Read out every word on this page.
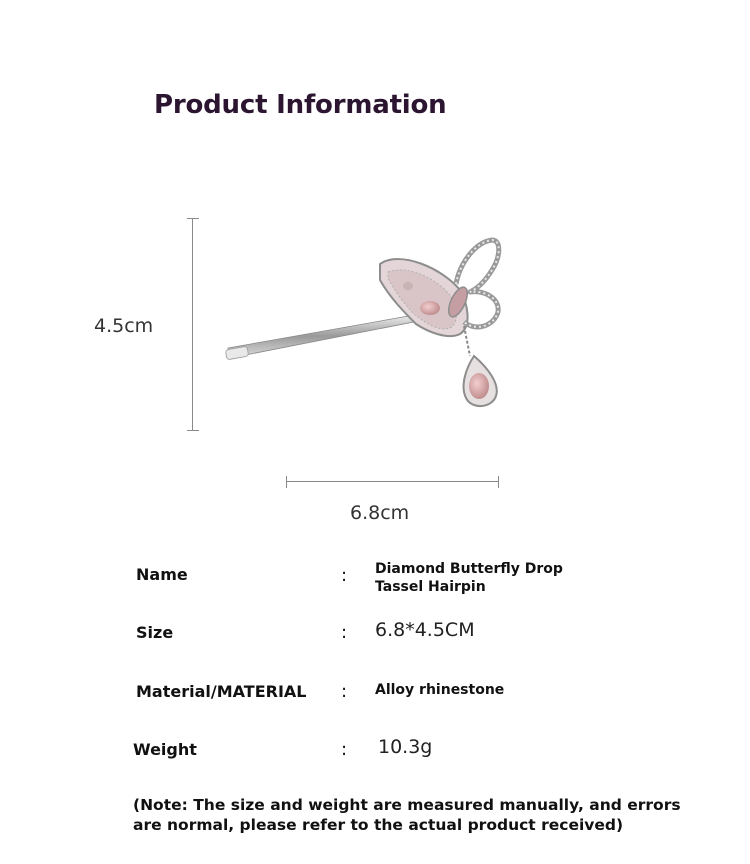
Product Information
4.5cm
6.8cm
Name	: Diamond Butterfly Drop Tassel Hairpin
Size	: 6.8*4.5CM
Material/MATERIAL : Alloy rhinestone
Weight	: 10.3g
(Note: The size and weight are measured manually, and errors are normal, please refer to the actual product received)
